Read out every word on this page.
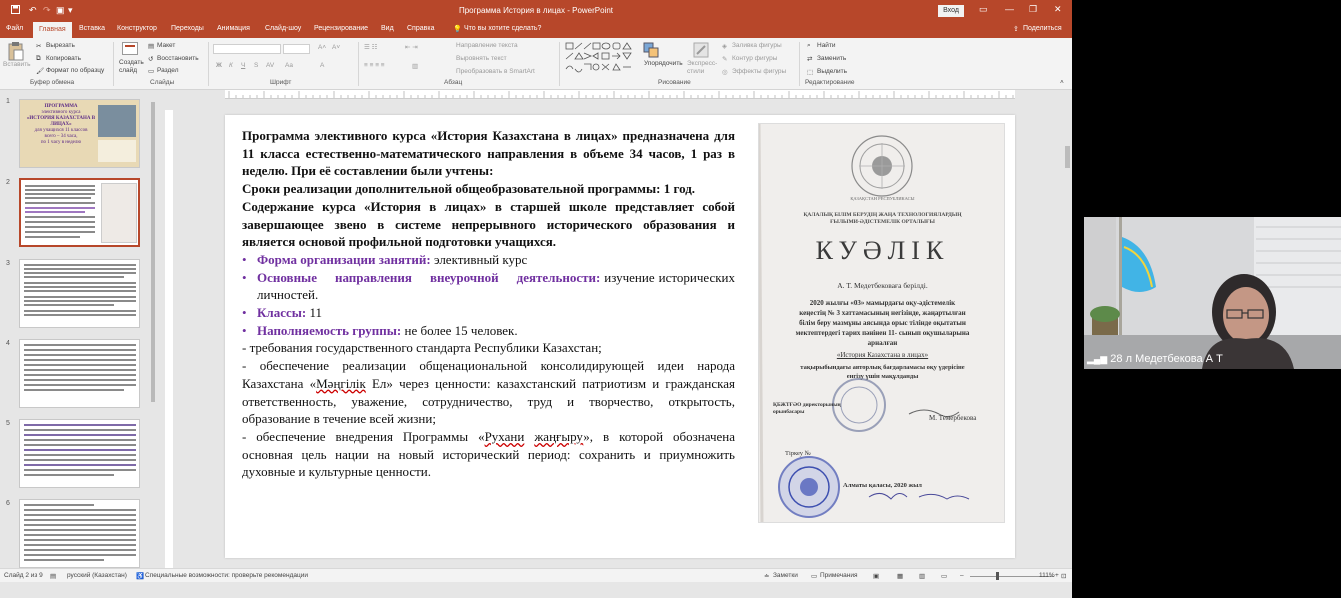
↶ ↷ ▣ ▾	Программа История в лицах - PowerPoint	Вход	▭ — ❐ ✕
Файл	Главная	Вставка Конструктор Переходы Анимация Слайд-шоу Рецензирование Вид Справка	💡 Что вы хотите сделать?	⇪ Поделиться
Вставить
✂ Вырезать
⧉ Копировать
🖌 Формат по образцу
Буфер обмена
Создать слайд
▤ Макет
↺ Восстановить
▭ Раздел
Слайды
A˄ A˅
Ж К Ч S AV Aa	A
Шрифт
☰ ☷	⇤ ⇥
≡ ≡ ≡ ≡	▥
Направление текста
Выровнять текст
Преобразовать в SmartArt
Абзац
Упорядочить Экспресс-стили
◈ Заливка фигуры
✎ Контур фигуры
◎ Эффекты фигуры
Рисование
⌕ Найти
⇄ Заменить
⬚ Выделить
Редактирование	˄
1
ПРОГРАММА
элективного курса
«ИСТОРИЯ КАЗАХСТАНА В ЛИЦАХ»
для учащихся 11 классов
всего – 34 часа,
по 1 часу в неделю
2
3
4
5
6

Программа элективного курса «История Казахстана в лицах» предназначена для 11 класса естественно-математического направления в объеме 34 часов, 1 раз в неделю. При её составлении были учтены:

Сроки реализации дополнительной общеобразовательной программы: 1 год.

Содержание курса «История в лицах» в старшей школе представляет собой завершающее звено в системе непрерывного исторического образования и является основой профильной подготовки учащихся.

• Форма организации занятий: элективный курс

• Основные направления внеурочной деятельности: изучение исторических личностей.

• Классы: 11

• Наполняемость группы: не более 15 человек.

- требования государственного стандарта Республики Казахстан;

- обеспечение реализации общенациональной консолидирующей идеи народа Казахстана «Мәңгілік Ел» через ценности: казахстанский патриотизм и гражданская ответственность, уважение, сотрудничество, труд и творчество, открытость, образование в течение всей жизни;

- обеспечение внедрения Программы «Рухани жаңғыру», в которой обозначена основная цель нации на новый исторический период: сохранить и приумножить духовные и культурные ценности.

ҚАЗАҚСТАН РЕСПУБЛИКАСЫ
ҚАЛАЛЫҚ БІЛІМ БЕРУДІҢ ЖАҢА ТЕХНОЛОГИЯЛАРДЫҢ
ҒЫЛЫМИ-ӘДІСТЕМЕЛІК ОРТАЛЫҒЫ
КУӘЛІК
А. Т. Медетбековаға берілді.
2020 жылғы «03» мамырдағы оқу-әдістемелік
кеңестің № 3 хаттамасының негізінде, жаңартылған
білім беру мазмұны аясында орыс тілінде оқытатын
мектептердегі тарих пәнінен 11- сынып оқушыларына
арналған
«История Казахстана в лицах»
тақырыбындағы авторлық бағдарламасы оқу үдерісіне
енгізу үшін мақұлданды
ҚБЖТҒӘО директорының орынбасары
М. Темербекова
Тіркеу №
Алматы қаласы, 2020 жыл
Слайд 2 из 9 ▤ русский (Казахстан) ♿ Специальные возможности: проверьте рекомендации	≐ Заметки ▭ Примечания ▣	▦ ▥ ▭ –	+
111% ⊡
▂▄▆ 28 л Медетбекова А Т
